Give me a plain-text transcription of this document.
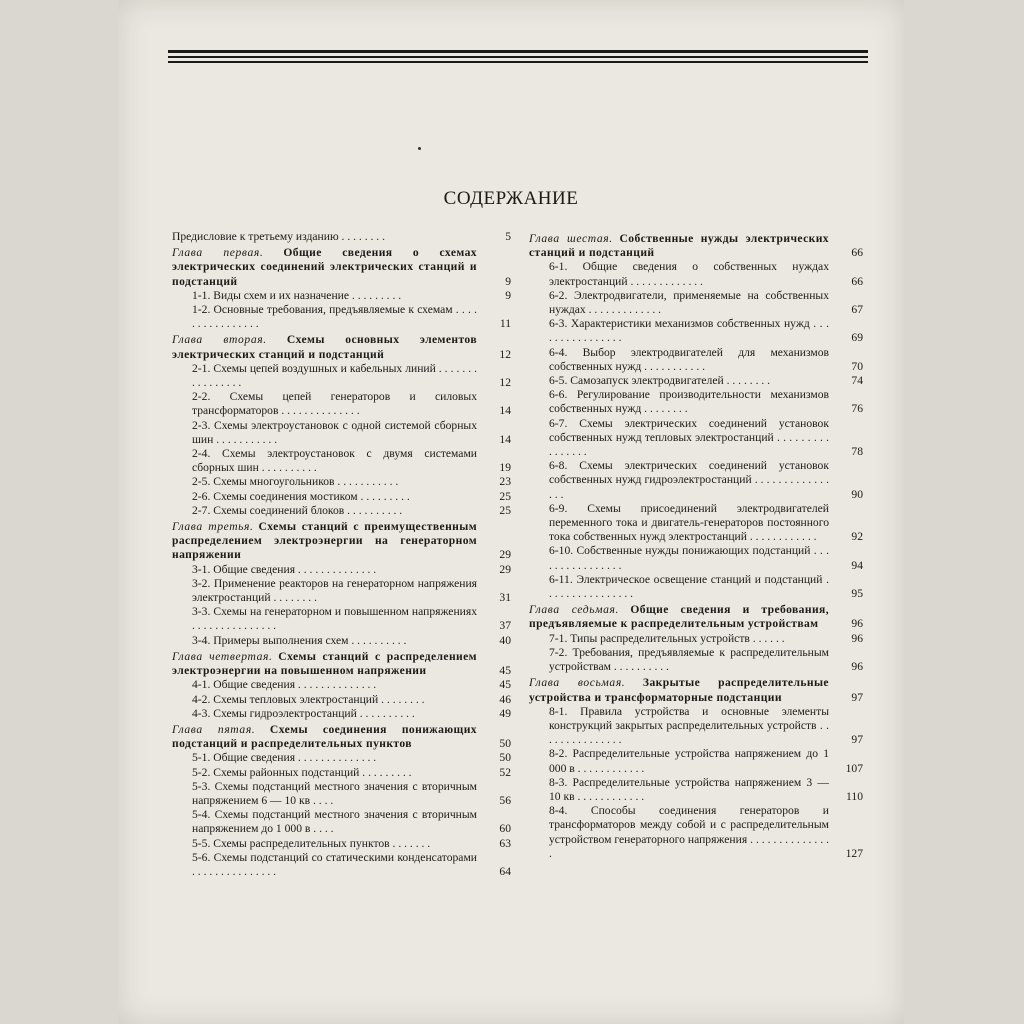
СОДЕРЖАНИЕ
Предисловие к третьему изданию . . . . . . . .	5
Глава первая. Общие сведения о схемах электрических соединений электрических станций и подстанций	9
1-1. Виды схем и их назначение . . . . . . . . .	9
1-2. Основные требования, предъявляемые к схемам . . . . . . . . . . . . . . . .	11
Глава вторая. Схемы основных элементов электрических станций и подстанций	12
2-1. Схемы цепей воздушных и кабельных линий . . . . . . . . . . . . . . . .	12
2-2. Схемы цепей генераторов и силовых трансформаторов . . . . . . . . . . . . . .	14
2-3. Схемы электроустановок с одной системой сборных шин . . . . . . . . . . .	14
2-4. Схемы электроустановок с двумя системами сборных шин . . . . . . . . . .	19
2-5. Схемы многоугольников . . . . . . . . . . .	23
2-6. Схемы соединения мостиком . . . . . . . . .	25
2-7. Схемы соединений блоков . . . . . . . . . .	25
Глава третья. Схемы станций с преимущественным распределением электроэнергии на генераторном напряжении	29
3-1. Общие сведения . . . . . . . . . . . . . .	29
3-2. Применение реакторов на генераторном напряжения электростанций . . . . . . . .	31
3-3. Схемы на генераторном и повышенном напряжениях . . . . . . . . . . . . . . .	37
3-4. Примеры выполнения схем . . . . . . . . . .	40
Глава четвертая. Схемы станций с распределением электроэнергии на повышенном напряжении	45
4-1. Общие сведения . . . . . . . . . . . . . .	45
4-2. Схемы тепловых электростанций . . . . . . . .	46
4-3. Схемы гидроэлектростанций . . . . . . . . . .	49
Глава пятая. Схемы соединения понижающих подстанций и распределительных пунктов	50
5-1. Общие сведения . . . . . . . . . . . . . .	50
5-2. Схемы районных подстанций . . . . . . . . .	52
5-3. Схемы подстанций местного значения с вторичным напряжением 6 — 10 кв . . . .	56
5-4. Схемы подстанций местного значения с вторичным напряжением до 1 000 в . . . .	60
5-5. Схемы распределительных пунктов . . . . . . .	63
5-6. Схемы подстанций со статическими конденсаторами . . . . . . . . . . . . . . .	64
Глава шестая. Собственные нужды электрических станций и подстанций	66
6-1. Общие сведения о собственных нуждах электростанций . . . . . . . . . . . . .	66
6-2. Электродвигатели, применяемые на собственных нуждах . . . . . . . . . . . . .	67
6-3. Характеристики механизмов собственных нужд . . . . . . . . . . . . . . . .	69
6-4. Выбор электродвигателей для механизмов собственных нужд . . . . . . . . . . .	70
6-5. Самозапуск электродвигателей . . . . . . . .	74
6-6. Регулирование производительности механизмов собственных нужд . . . . . . . .	76
6-7. Схемы электрических соединений установок собственных нужд тепловых электростанций . . . . . . . . . . . . . . . .	78
6-8. Схемы электрических соединений установок собственных нужд гидроэлектростанций . . . . . . . . . . . . . . . .	90
6-9. Схемы присоединений электродвигателей переменного тока и двигатель-генераторов постоянного тока собственных нужд электростанций . . . . . . . . . . . .	92
6-10. Собственные нужды понижающих подстанций . . . . . . . . . . . . . . . .	94
6-11. Электрическое освещение станций и подстанций . . . . . . . . . . . . . . . .	95
Глава седьмая. Общие сведения и требования, предъявляемые к распределительным устройствам	96
7-1. Типы распределительных устройств . . . . . .	96
7-2. Требования, предъявляемые к распределительным устройствам . . . . . . . . . .	96
Глава восьмая. Закрытые распределительные устройства и трансформаторные подстанции	97
8-1. Правила устройства и основные элементы конструкций закрытых распределительных устройств . . . . . . . . . . . . . . .	97
8-2. Распределительные устройства напряжением до 1 000 в . . . . . . . . . . . .	107
8-3. Распределительные устройства напряжением 3 — 10 кв . . . . . . . . . . . .	110
8-4. Способы соединения генераторов и трансформаторов между собой и с распределительным устройством генераторного напряжения . . . . . . . . . . . . . . .	127
